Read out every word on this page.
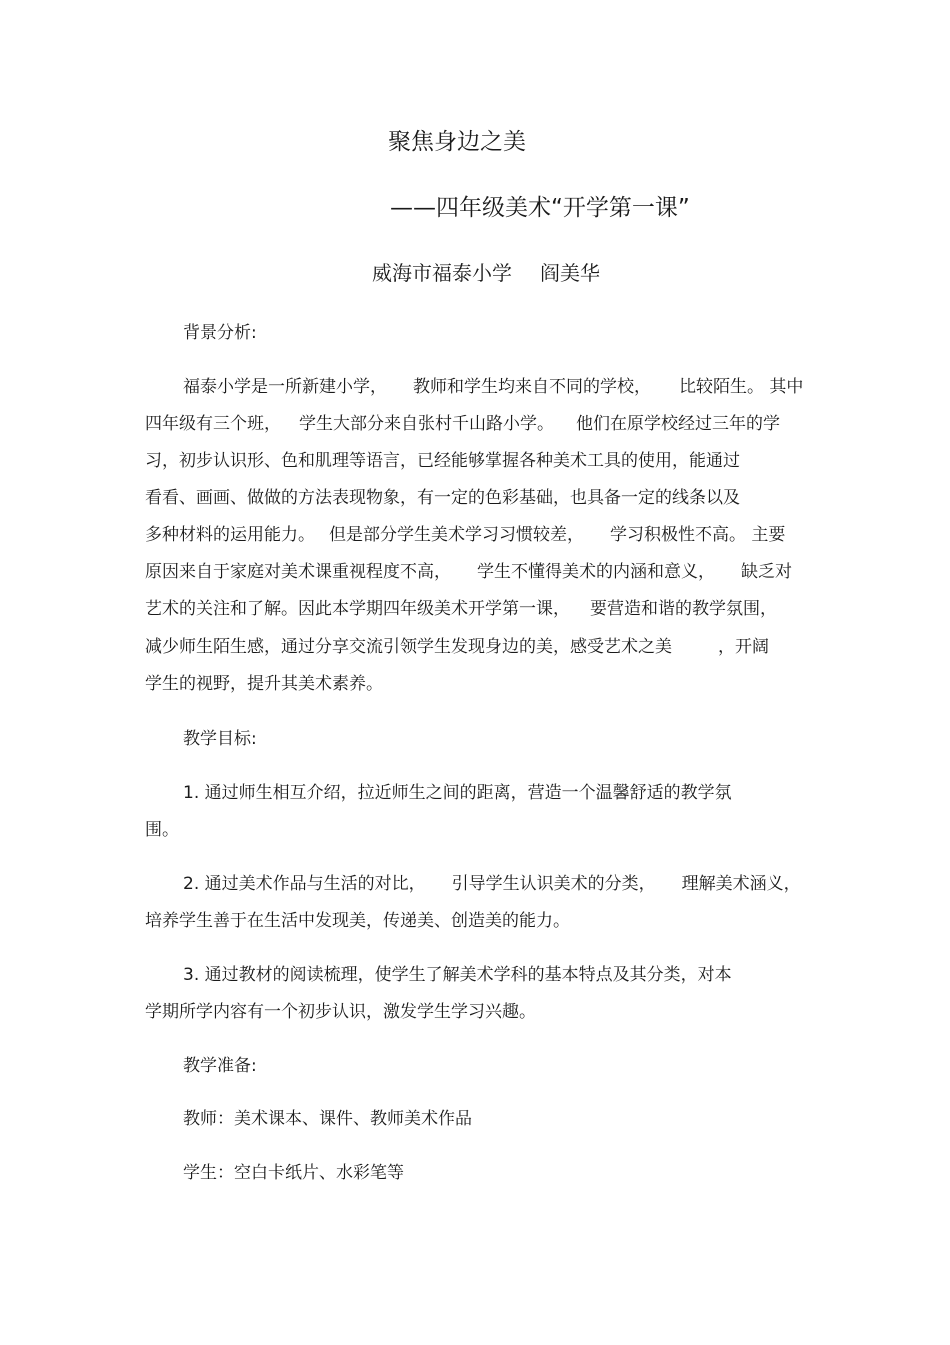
聚焦身边之美
——四年级美术“开学第一课”
威海市福泰小学 阎美华
背景分析:
福泰小学是一所新建小学， 教师和学生均来自不同的学校， 比较陌生。 其中
四年级有三个班， 学生大部分来自张村千山路小学。 他们在原学校经过三年的学
习，初步认识形、色和肌理等语言，已经能够掌握各种美术工具的使用，能通过
看看、画画、做做的方法表现物象，有一定的色彩基础，也具备一定的线条以及
多种材料的运用能力。 但是部分学生美术学习习惯较差， 学习积极性不高。 主要
原因来自于家庭对美术课重视程度不高， 学生不懂得美术的内涵和意义， 缺乏对
艺术的关注和了解。因此本学期四年级美术开学第一课， 要营造和谐的教学氛围，
减少师生陌生感，通过分享交流引领学生发现身边的美，感受艺术之美	，开阔
学生的视野，提升其美术素养。
教学目标:
1. 通过师生相互介绍，拉近师生之间的距离，营造一个温馨舒适的教学氛
围。
2. 通过美术作品与生活的对比， 引导学生认识美术的分类， 理解美术涵义，
培养学生善于在生活中发现美，传递美、创造美的能力。
3. 通过教材的阅读梳理，使学生了解美术学科的基本特点及其分类，对本
学期所学内容有一个初步认识，激发学生学习兴趣。
教学准备:
教师：美术课本、课件、教师美术作品
学生：空白卡纸片、水彩笔等
